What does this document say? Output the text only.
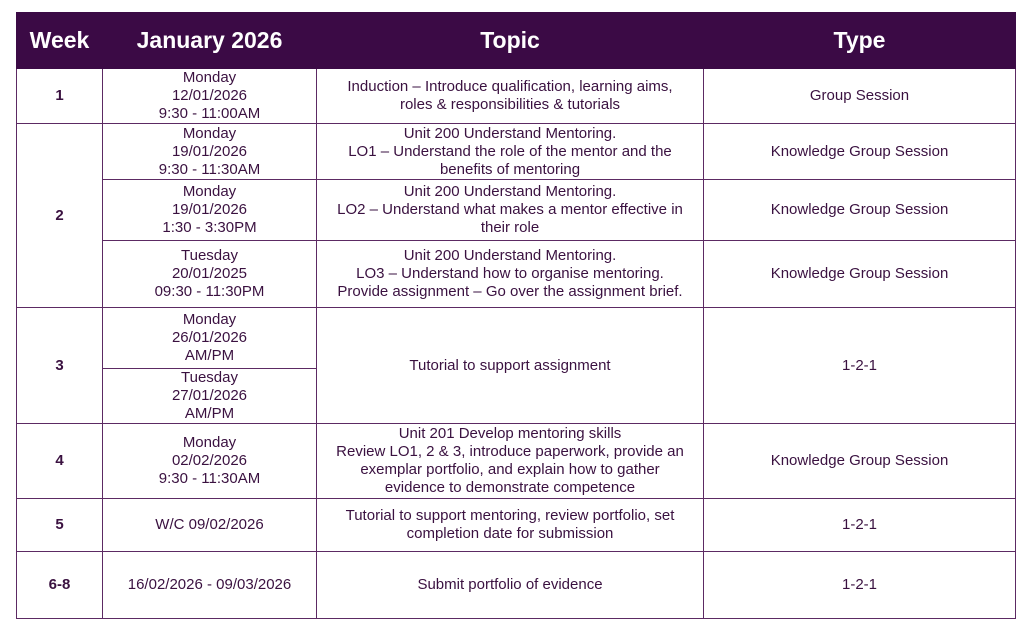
Week	January 2026	Topic	Type
1	Monday
12/01/2026
9:30 - 11:00AM	Induction – Introduce qualification, learning aims,
roles & responsibilities & tutorials	Group Session
2	Monday
19/01/2026
9:30 - 11:30AM	Unit 200 Understand Mentoring.
LO1 – Understand the role of the mentor and the
benefits of mentoring	Knowledge Group Session

	Monday
19/01/2026
1:30 - 3:30PM	Unit 200 Understand Mentoring.
LO2 – Understand what makes a mentor effective in
their role	Knowledge Group Session

	Tuesday
20/01/2025
09:30 - 11:30PM	Unit 200 Understand Mentoring.
LO3 – Understand how to organise mentoring.
Provide assignment – Go over the assignment brief.	Knowledge Group Session
3	Monday
26/01/2026
AM/PM	Tutorial to support assignment	1-2-1

	Tuesday
27/01/2026
AM/PM		

4	Monday
02/02/2026
9:30 - 11:30AM	Unit 201 Develop mentoring skills
Review LO1, 2 & 3, introduce paperwork, provide an
exemplar portfolio, and explain how to gather
evidence to demonstrate competence	Knowledge Group Session
5	W/C 09/02/2026	Tutorial to support mentoring, review portfolio, set
completion date for submission	1-2-1
6-8	16/02/2026 - 09/03/2026	Submit portfolio of evidence	1-2-1
